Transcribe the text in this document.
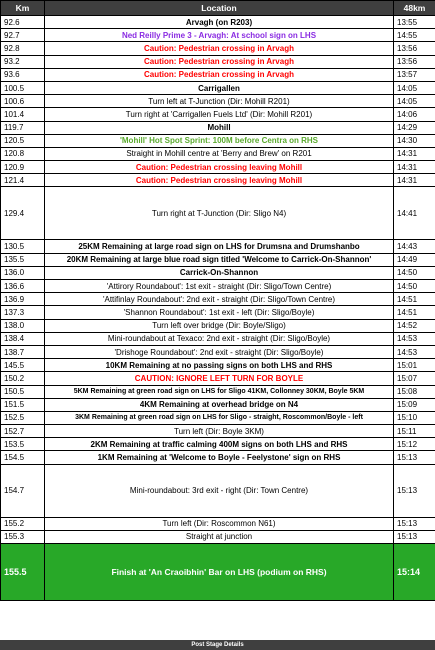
Km	Location	48km
92.6	Arvagh (on R203)	13:55
92.7	Ned Reilly Prime 3 - Arvagh: At school sign on LHS	14:55
92.8	Caution: Pedestrian crossing in Arvagh	13:56
93.2	Caution: Pedestrian crossing in Arvagh	13:56
93.6	Caution: Pedestrian crossing in Arvagh	13:57
100.5	Carrigallen	14:05
100.6	Turn left at T-Junction (Dir: Mohill R201)	14:05
101.4	Turn right at 'Carrigallen Fuels Ltd' (Dir: Mohill R201)	14:06
119.7	Mohill	14:29
120.5	'Mohill' Hot Spot Sprint: 100M before Centra on RHS	14:30
120.8	Straight in Mohill centre at 'Berry and Brew' on R201	14:31
120.9	Caution: Pedestrian crossing leaving Mohill	14:31
121.4	Caution: Pedestrian crossing leaving Mohill	14:31
129.4	Turn right at T-Junction (Dir: Sligo N4)	14:41
130.5	25KM Remaining at large road sign on LHS for Drumsna and Drumshanbo	14:43
135.5	20KM Remaining at large blue road sign titled 'Welcome to Carrick-On-Shannon'	14:49
136.0	Carrick-On-Shannon	14:50
136.6	'Attirory Roundabout': 1st exit - straight (Dir: Sligo/Town Centre)	14:50
136.9	'Attifinlay Roundabout': 2nd exit - straight (Dir: Sligo/Town Centre)	14:51
137.3	'Shannon Roundabout': 1st exit - left (Dir: Sligo/Boyle)	14:51
138.0	Turn left over bridge (Dir: Boyle/Sligo)	14:52
138.4	Mini-roundabout at Texaco: 2nd exit - straight (Dir: Sligo/Boyle)	14:53
138.7	'Drishoge Roundabout': 2nd exit - straight (Dir: Sligo/Boyle)	14:53
145.5	10KM Remaining at no passing signs on both LHS and RHS	15:01
150.2	CAUTION: IGNORE LEFT TURN FOR BOYLE	15:07
150.5	5KM Remaining at green road sign on LHS for Sligo 41KM, Collonney 30KM, Boyle 5KM	15:08
151.5	4KM Remaining at overhead bridge on N4	15:09
152.5	3KM Remaining at green road sign on LHS for Sligo - straight, Roscommon/Boyle - left	15:10
152.7	Turn left (Dir: Boyle 3KM)	15:11
153.5	2KM Remaining at traffic calming 400M signs on both LHS and RHS	15:12
154.5	1KM Remaining at 'Welcome to Boyle - Feelystone' sign on RHS	15:13
154.7	Mini-roundabout: 3rd exit - right (Dir: Town Centre)	15:13
155.2	Turn left (Dir: Roscommon N61)	15:13
155.3	Straight at junction	15:13
155.5	Finish at 'An Craoibhin' Bar on LHS (podium on RHS)	15:14
Post Stage Details
